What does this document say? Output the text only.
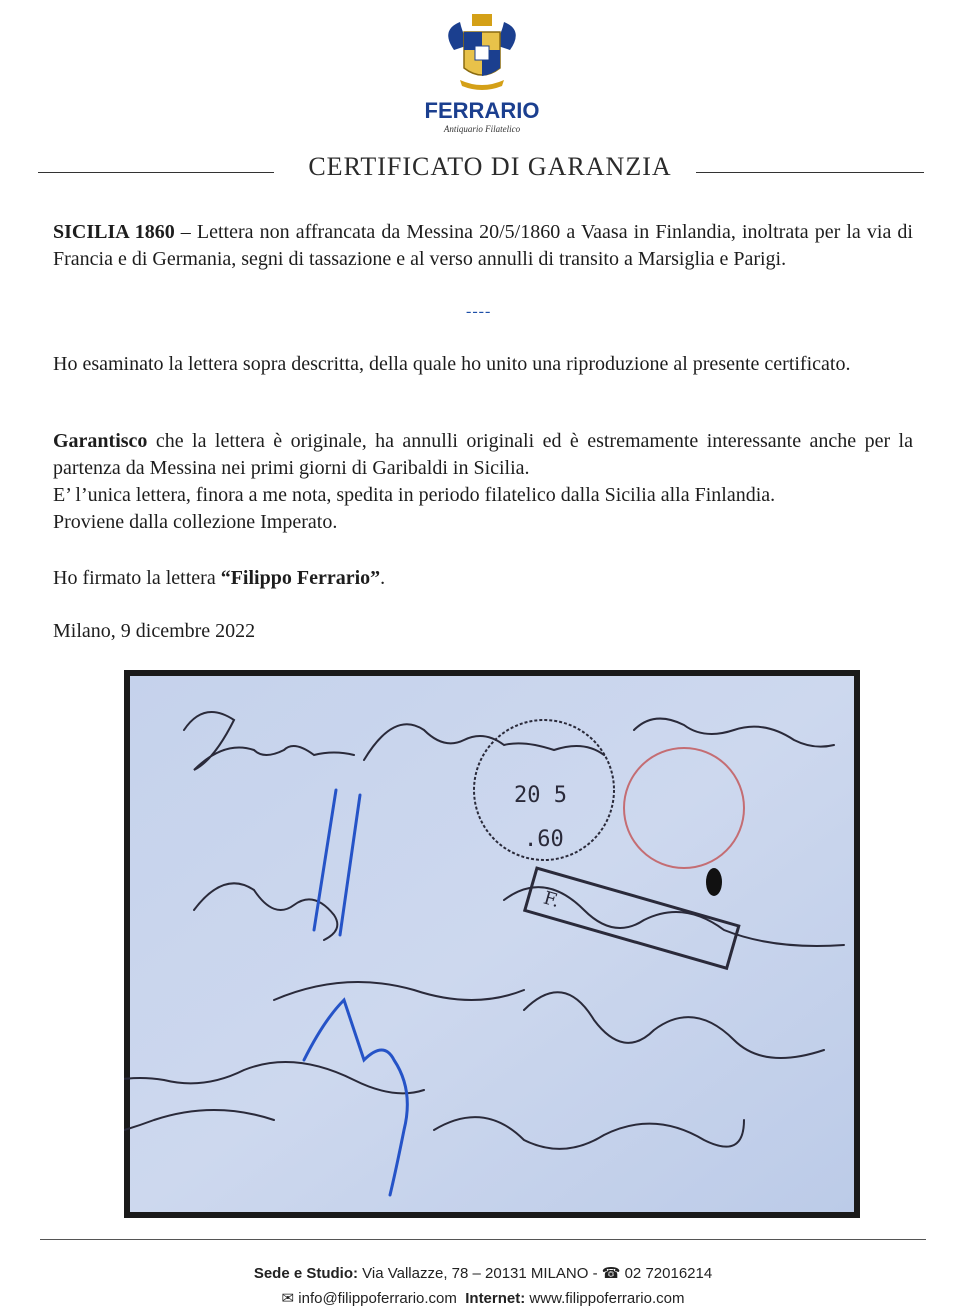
FERRARIO
Antiquario Filatelico
CERTIFICATO DI GARANZIA
SICILIA 1860 – Lettera non affrancata da Messina 20/5/1860 a Vaasa in Finlandia, inoltrata per la via di Francia e di Germania, segni di tassazione e al verso annulli di transito a Marsiglia e Parigi.
----
Ho esaminato la lettera sopra descritta, della quale ho unito una riproduzione al presente certificato.
Garantisco che la lettera è originale, ha annulli originali ed è estremamente interessante anche per la partenza da Messina nei primi giorni di Garibaldi in Sicilia.
E’ l’unica lettera, finora a me nota, spedita in periodo filatelico dalla Sicilia alla Finlandia.
Proviene dalla collezione Imperato.
Ho firmato la lettera “Filippo Ferrario”.
Milano, 9 dicembre 2022
20 5
.60
F.
Sede e Studio: Via Vallazze, 78 – 20131 MILANO - ☎ 02 72016214
✉ info@filippoferrario.com Internet: www.filippoferrario.com
